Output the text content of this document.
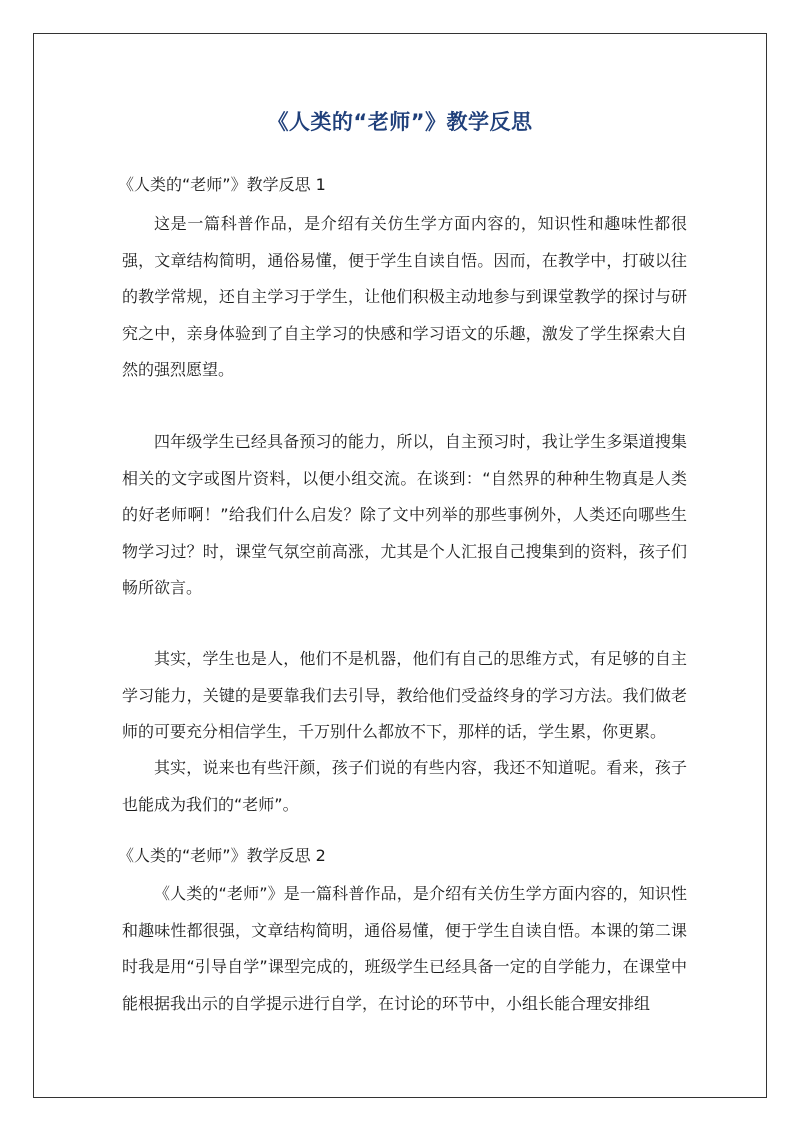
《人类的“老师”》教学反思
《人类的“老师”》教学反思 1

这是一篇科普作品，是介绍有关仿生学方面内容的，知识性和趣味性都很强，文章结构简明，通俗易懂，便于学生自读自悟。因而，在教学中，打破以往的教学常规，还自主学习于学生，让他们积极主动地参与到课堂教学的探讨与研究之中，亲身体验到了自主学习的快感和学习语文的乐趣，激发了学生探索大自然的强烈愿望。

四年级学生已经具备预习的能力，所以，自主预习时，我让学生多渠道搜集相关的文字或图片资料，以便小组交流。在谈到：“自然界的种种生物真是人类的好老师啊！”给我们什么启发？除了文中列举的那些事例外，人类还向哪些生物学习过？时，课堂气氛空前高涨，尤其是个人汇报自己搜集到的资料，孩子们畅所欲言。

其实，学生也是人，他们不是机器，他们有自己的思维方式，有足够的自主学习能力，关键的是要靠我们去引导，教给他们受益终身的学习方法。我们做老师的可要充分相信学生，千万别什么都放不下，那样的话，学生累，你更累。

其实，说来也有些汗颜，孩子们说的有些内容，我还不知道呢。看来，孩子也能成为我们的“老师”。

《人类的“老师”》教学反思 2

《人类的“老师”》是一篇科普作品，是介绍有关仿生学方面内容的，知识性和趣味性都很强，文章结构简明，通俗易懂，便于学生自读自悟。本课的第二课时我是用“引导自学”课型完成的，班级学生已经具备一定的自学能力，在课堂中能根据我出示的自学提示进行自学，在讨论的环节中，小组长能合理安排组
